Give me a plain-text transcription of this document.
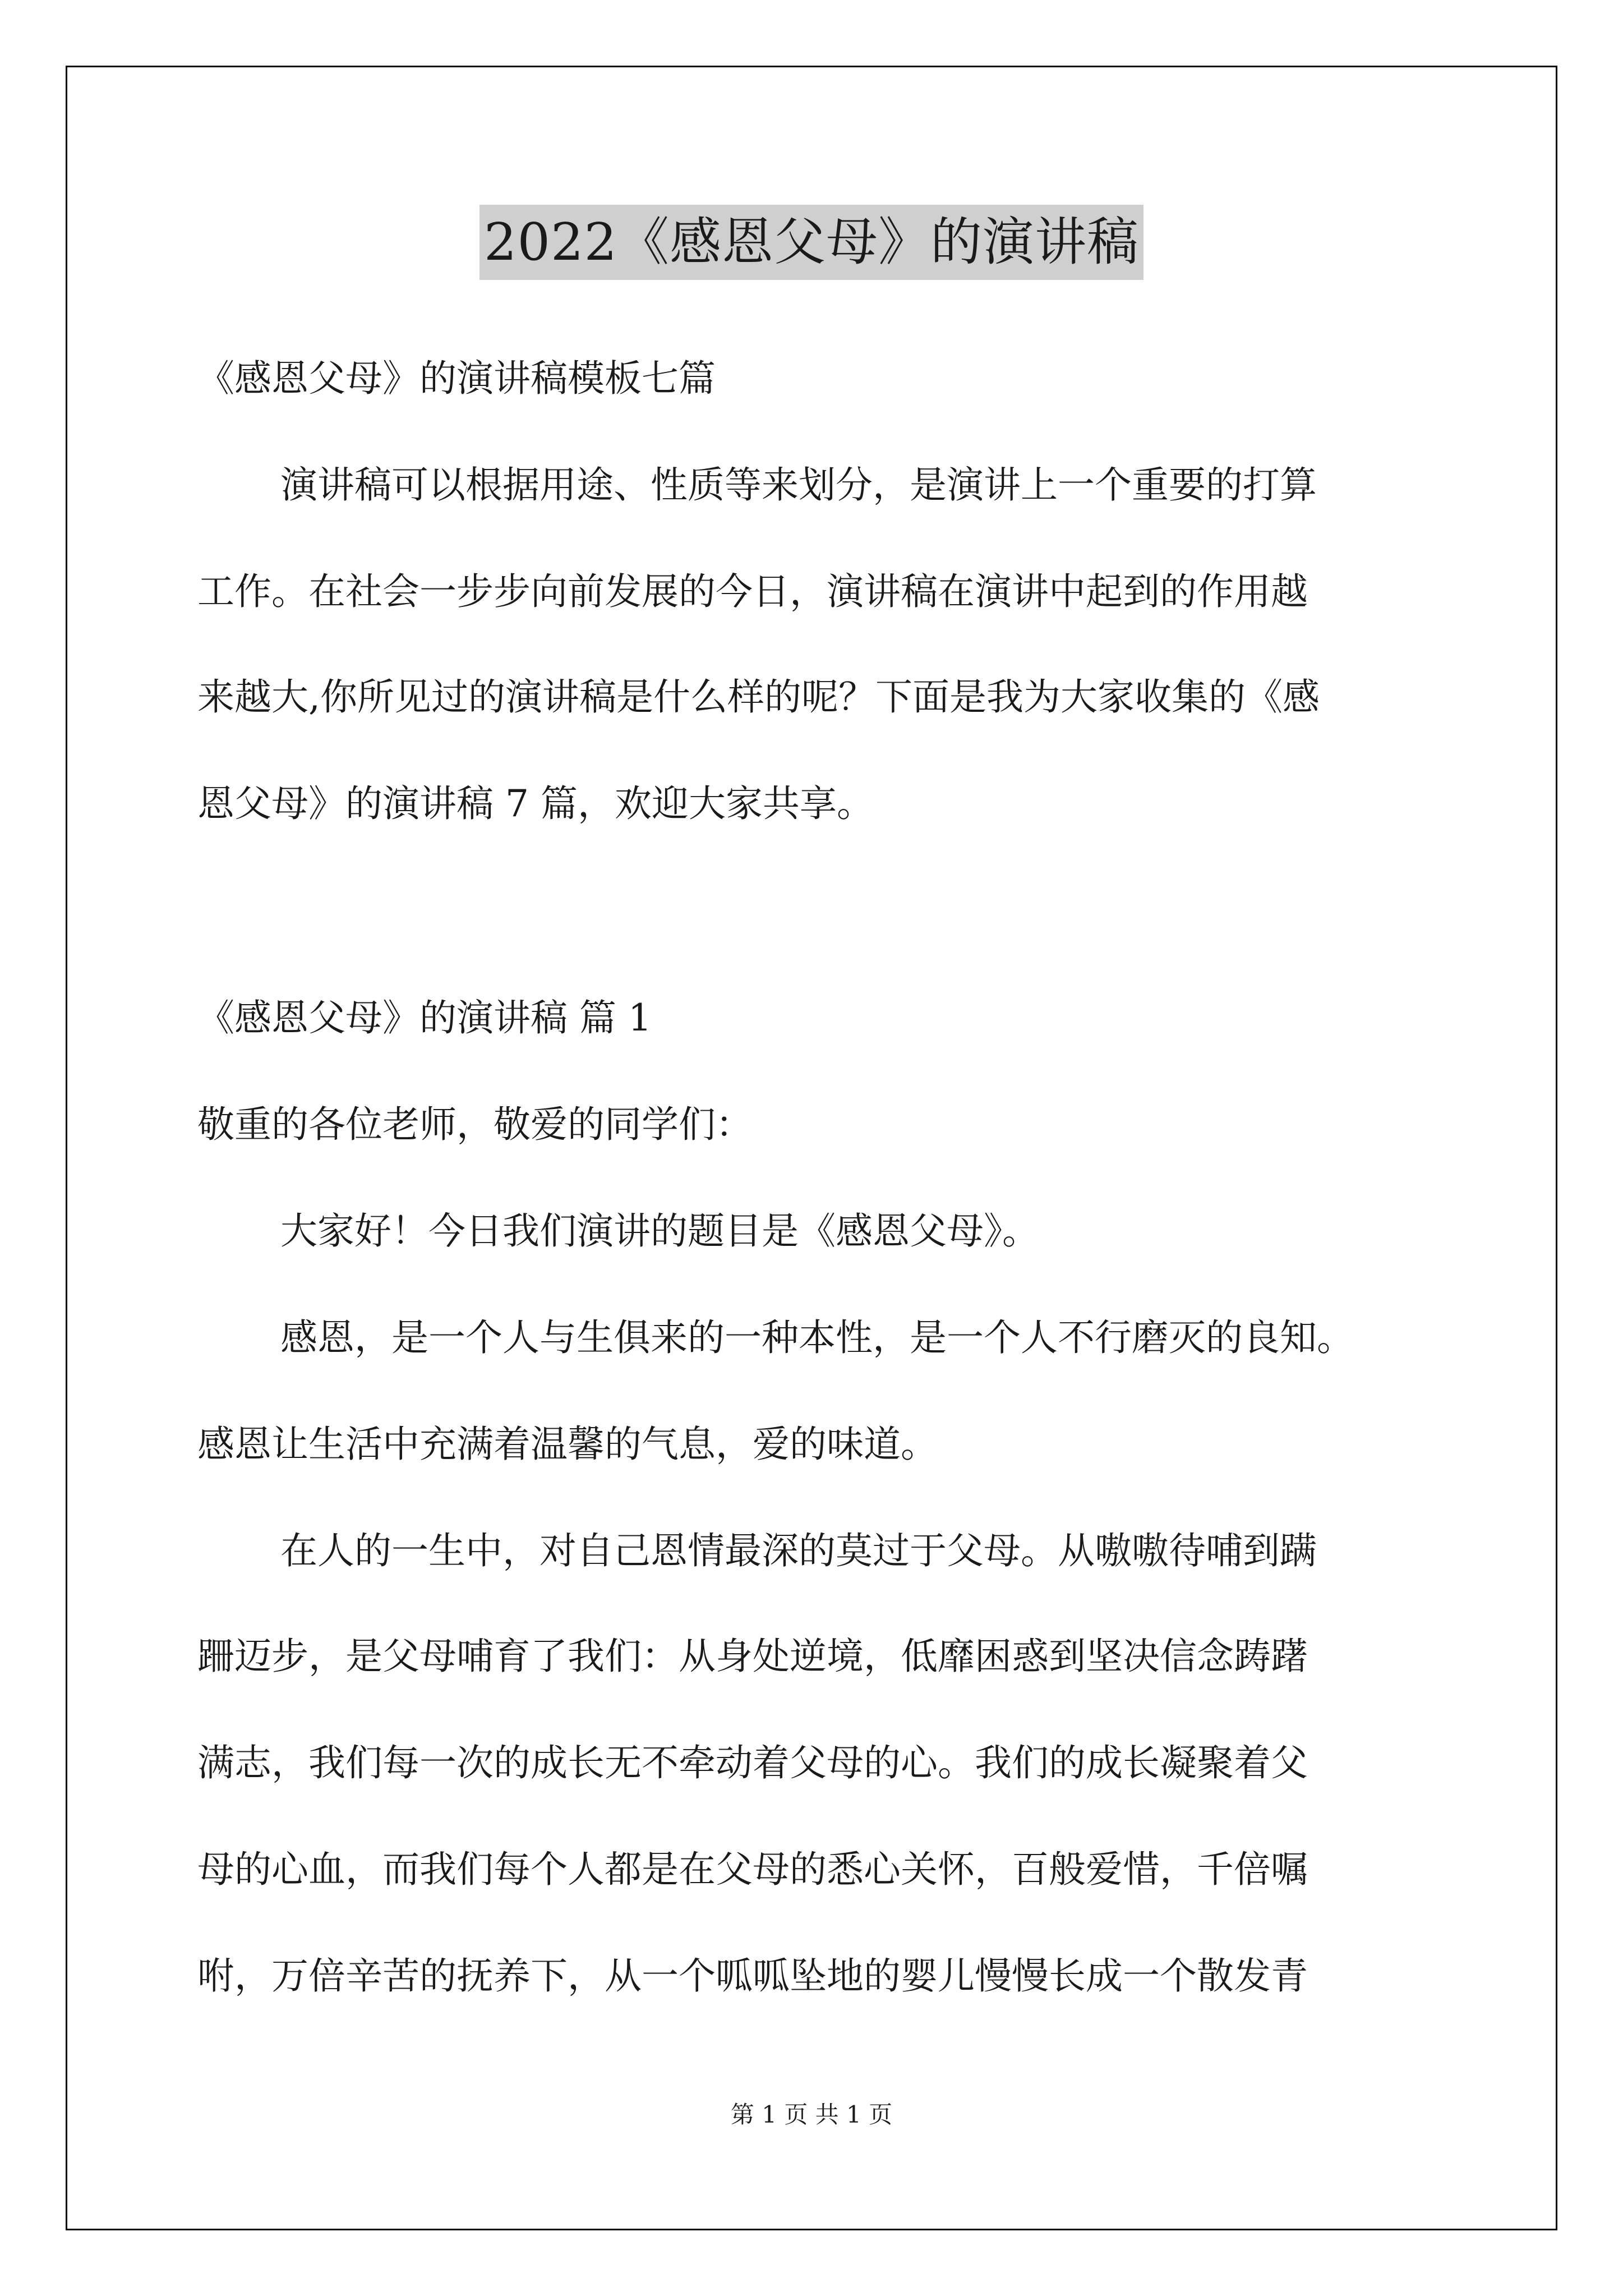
2022《感恩父母》的演讲稿
《感恩父母》的演讲稿模板七篇
演讲稿可以根据用途、性质等来划分，是演讲上一个重要的打算
工作。在社会一步步向前发展的今日，演讲稿在演讲中起到的作用越
来越大,你所见过的演讲稿是什么样的呢？下面是我为大家收集的《感
恩父母》的演讲稿 7 篇，欢迎大家共享。
《感恩父母》的演讲稿 篇 1
敬重的各位老师，敬爱的同学们：
大家好！今日我们演讲的题目是《感恩父母》。
感恩，是一个人与生俱来的一种本性，是一个人不行磨灭的良知。
感恩让生活中充满着温馨的气息，爱的味道。
在人的一生中，对自己恩情最深的莫过于父母。从嗷嗷待哺到蹒
跚迈步，是父母哺育了我们：从身处逆境，低靡困惑到坚决信念踌躇
满志，我们每一次的成长无不牵动着父母的心。我们的成长凝聚着父
母的心血，而我们每个人都是在父母的悉心关怀，百般爱惜，千倍嘱
咐，万倍辛苦的抚养下，从一个呱呱坠地的婴儿慢慢长成一个散发青
第 1 页 共 1 页
